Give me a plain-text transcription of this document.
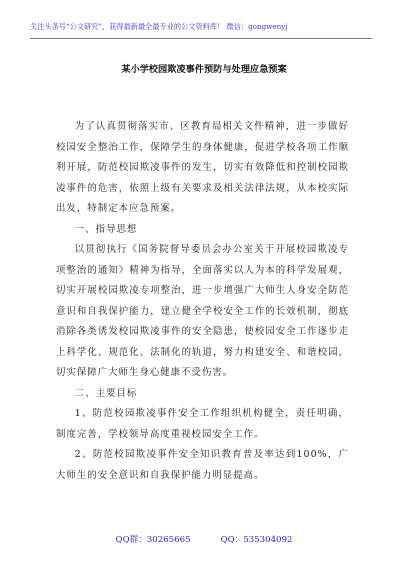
关注头条号“公文研究”，获得最新最全最专业的公文资料库！ 微信：gongwenyj
某小学校园欺凌事件预防与处理应急预案

为了认真贯彻落实市、区教育局相关文件精神，进一步做好校园安全整治工作，保障学生的身体健康，促进学校各项工作顺利开展，防范校园欺凌事件的发生，切实有效降低和控制校园欺凌事件的危害，依照上级有关要求及相关法律法规，从本校实际出发，特制定本应急预案。

一、指导思想

以贯彻执行《国务院督导委员会办公室关于开展校园欺凌专项整治的通知》精神为指导，全面落实以人为本的科学发展观，切实开展校园欺凌专项整治，进一步增强广大师生人身安全防范意识和自我保护能力，建立健全学校安全工作的长效机制，彻底消除各类诱发校园欺凌事件的安全隐患，使校园安全工作逐步走上科学化、规范化、法制化的轨道，努力构建安全、和谐校园，切实保障广大师生身心健康不受伤害。

二、主要目标

1、防范校园欺凌事件安全工作组织机构健全，责任明确，制度完善，学校领导高度重视校园安全工作。

2、防范校园欺凌事件安全知识教育普及率达到100%，广大师生的安全意识和自我保护能力明显提高。

QQ群：30265665	QQ：535304092
